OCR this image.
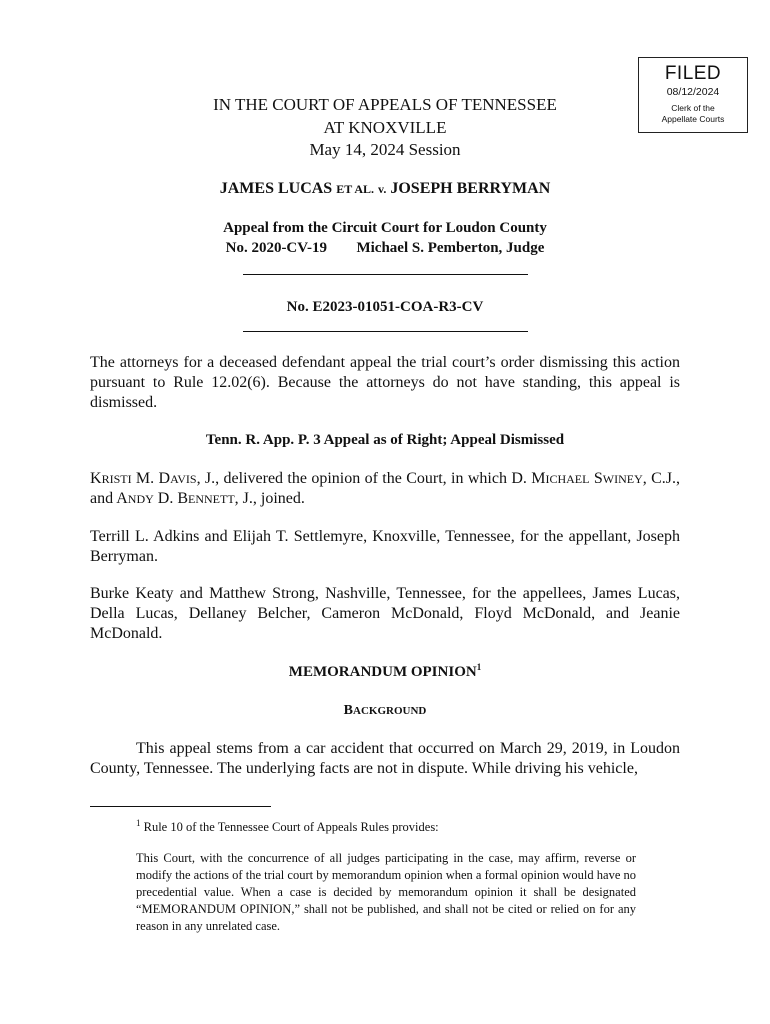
FILED
08/12/2024
Clerk of the
Appellate Courts
IN THE COURT OF APPEALS OF TENNESSEE
AT KNOXVILLE
May 14, 2024 Session
JAMES LUCAS ET AL. v. JOSEPH BERRYMAN
Appeal from the Circuit Court for Loudon County
No. 2020-CV-19 Michael S. Pemberton, Judge
No. E2023-01051-COA-R3-CV
The attorneys for a deceased defendant appeal the trial court’s order dismissing this action pursuant to Rule 12.02(6). Because the attorneys do not have standing, this appeal is dismissed.
Tenn. R. App. P. 3 Appeal as of Right; Appeal Dismissed
KRISTI M. DAVIS, J., delivered the opinion of the Court, in which D. MICHAEL SWINEY, C.J., and ANDY D. BENNETT, J., joined.
Terrill L. Adkins and Elijah T. Settlemyre, Knoxville, Tennessee, for the appellant, Joseph Berryman.
Burke Keaty and Matthew Strong, Nashville, Tennessee, for the appellees, James Lucas, Della Lucas, Dellaney Belcher, Cameron McDonald, Floyd McDonald, and Jeanie McDonald.
MEMORANDUM OPINION$^1$
BACKGROUND
This appeal stems from a car accident that occurred on March 29, 2019, in Loudon County, Tennessee. The underlying facts are not in dispute. While driving his vehicle,
$^1$ Rule 10 of the Tennessee Court of Appeals Rules provides:
This Court, with the concurrence of all judges participating in the case, may affirm, reverse or modify the actions of the trial court by memorandum opinion when a formal opinion would have no precedential value. When a case is decided by memorandum opinion it shall be designated “MEMORANDUM OPINION,” shall not be published, and shall not be cited or relied on for any reason in any unrelated case.
